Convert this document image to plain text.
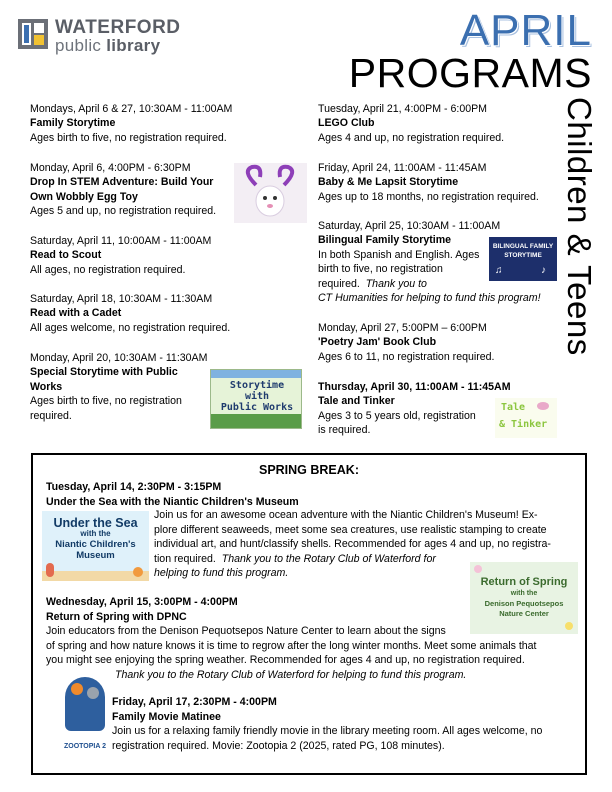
WATERFORD
public library	APRIL
PROGRAMS
Children & Teens
Mondays, April 6 & 27, 10:30AM - 11:00AM
Family Storytime
Ages birth to five, no registration required.
Monday, April 6, 4:00PM - 6:30PM
Drop In STEM Adventure: Build Your
Own Wobbly Egg Toy
Ages 5 and up, no registration required.
Saturday, April 11, 10:00AM - 11:00AM
Read to Scout
All ages, no registration required.
Saturday, April 18, 10:30AM - 11:30AM
Read with a Cadet
All ages welcome, no registration required.
Monday, April 20, 10:30AM - 11:30AM
Special Storytime with Public
Works
Ages birth to five, no registration
required.
Storytime
with
Public Works
Tuesday, April 21, 4:00PM - 6:00PM
LEGO Club
Ages 4 and up, no registration required.
Friday, April 24, 11:00AM - 11:45AM
Baby & Me Lapsit Storytime
Ages up to 18 months, no registration required.
Saturday, April 25, 10:30AM - 11:00AM
Bilingual Family Storytime
In both Spanish and English. Ages
birth to five, no registration
required. Thank you to
CT Humanities for helping to fund this program!
BILINGUAL FAMILY
STORYTIME
♫	♪
Monday, April 27, 5:00PM – 6:00PM
'Poetry Jam' Book Club
Ages 6 to 11, no registration required.
Thursday, April 30, 11:00AM - 11:45AM
Tale and Tinker
Ages 3 to 5 years old, registration
is required.
Tale
& Tinker
SPRING BREAK:
Tuesday, April 14, 2:30PM - 3:15PM
Under the Sea with the Niantic Children's Museum
Under the Sea
with the
Niantic Children's
Museum
Join us for an awesome ocean adventure with the Niantic Children's Museum! Ex-
plore different seaweeds, meet some sea creatures, use realistic stamping to create
individual art, and hunt/classify shells. Recommended for ages 4 and up, no registra-
tion required. Thank you to the Rotary Club of Waterford for
helping to fund this program.
Return of Spring
with the
Denison Pequotsepos
Nature Center
Wednesday, April 15, 3:00PM - 4:00PM
Return of Spring with DPNC
Join educators from the Denison Pequotsepos Nature Center to learn about the signs
of spring and how nature knows it is time to regrow after the long winter months. Meet some animals that
you might see enjoying the spring weather. Recommended for ages 4 and up, no registration required.
Thank you to the Rotary Club of Waterford for helping to fund this program.
ZOOTOPIA 2
Friday, April 17, 2:30PM - 4:00PM
Family Movie Matinee
Join us for a relaxing family friendly movie in the library meeting room. All ages welcome, no
registration required. Movie: Zootopia 2 (2025, rated PG, 108 minutes).
